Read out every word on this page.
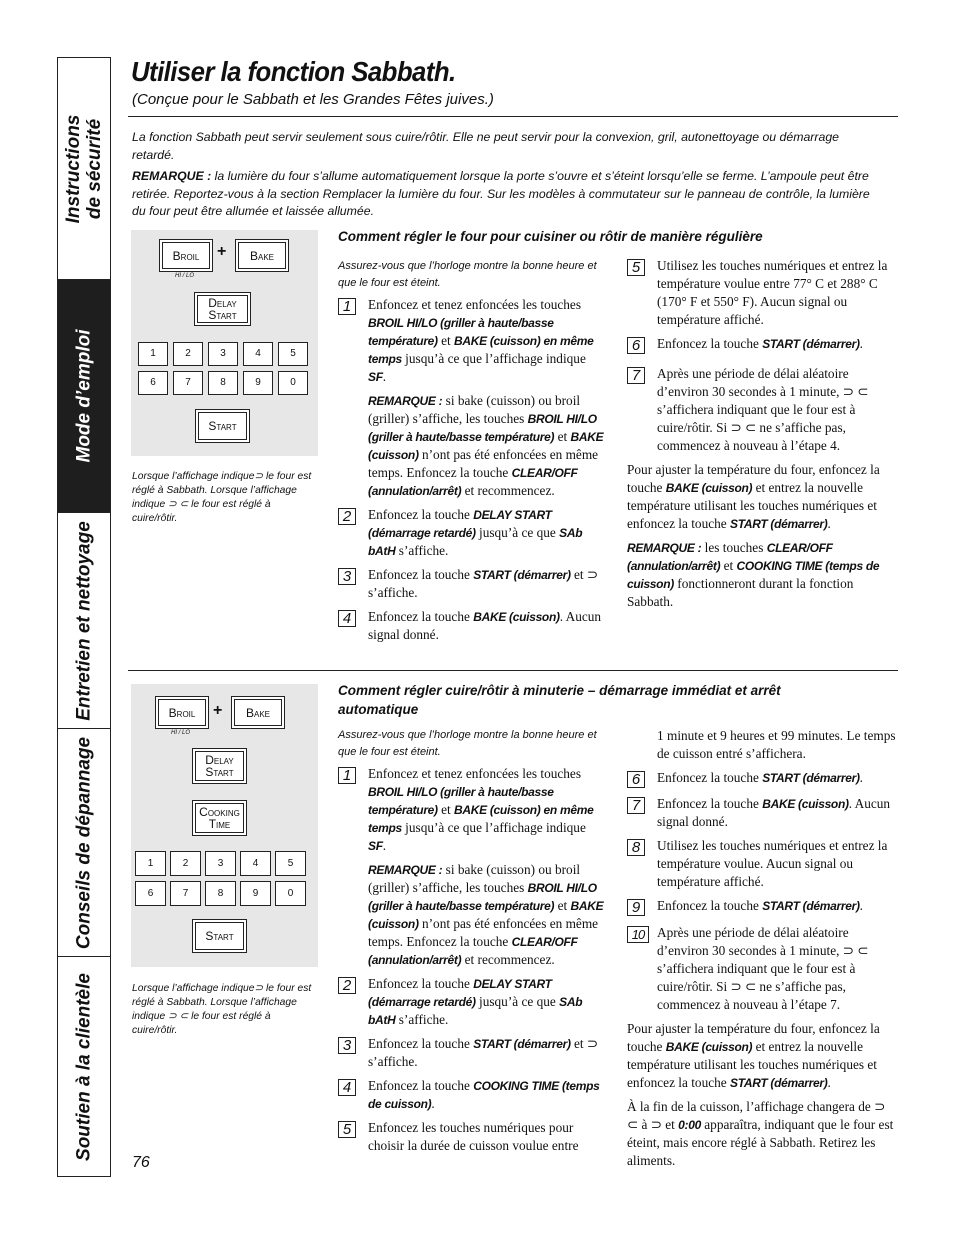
Instructions
de sécurité
Mode d’emploi
Entretien et nettoyage
Conseils de dépannage
Soutien à la clientèle
Utiliser la fonction Sabbath.
(Conçue pour le Sabbath et les Grandes Fêtes juives.)

La fonction Sabbath peut servir seulement sous cuire/rôtir. Elle ne peut servir pour la convexion, gril, autonettoyage ou démarrage retardé.

REMARQUE : la lumière du four s’allume automatiquement lorsque la porte s’ouvre et s’éteint lorsqu’elle se ferme. L’ampoule peut être retirée. Reportez-vous à la section Remplacer la lumière du four. Sur les modèles à commutateur sur le panneau de contrôle, la lumière du four peut être allumée et laissée allumée.

Broil + Bake
HI / LO
Delay
Start
1	2	3	4	5
6	7	8	9	0
Start
Lorsque l’affichage indique⊃ le four est réglé à Sabbath. Lorsque l’affichage indique ⊃ ⊂ le four est réglé à cuire/rôtir.
Comment régler le four pour cuisiner ou rôtir de manière régulière
Assurez-vous que l’horloge montre la bonne heure et que le four est éteint.
1	Enfoncez et tenez enfoncées les touches BROIL HI/LO (griller à haute/basse température) et BAKE (cuisson) en même temps jusqu’à ce que l’affichage indique SF.
REMARQUE : si bake (cuisson) ou broil (griller) s’affiche, les touches BROIL HI/LO (griller à haute/basse température) et BAKE (cuisson) n’ont pas été enfoncées en même temps. Enfoncez la touche CLEAR/OFF (annulation/arrêt) et recommencez.
2	Enfoncez la touche DELAY START (démarrage retardé) jusqu’à ce que SAb bAtH s’affiche.
3	Enfoncez la touche START (démarrer) et ⊃ s’affiche.
4	Enfoncez la touche BAKE (cuisson). Aucun signal donné.
5	Utilisez les touches numériques et entrez la température voulue entre 77° C et 288° C (170° F et 550° F). Aucun signal ou température affiché.
6	Enfoncez la touche START (démarrer).
7	Après une période de délai aléatoire d’environ 30 secondes à 1 minute, ⊃ ⊂ s’affichera indiquant que le four est à cuire/rôtir. Si ⊃ ⊂ ne s’affiche pas, commencez à nouveau à l’étape 4.
Pour ajuster la température du four, enfoncez la touche BAKE (cuisson) et entrez la nouvelle température utilisant les touches numériques et enfoncez la touche START (démarrer).
REMARQUE : les touches CLEAR/OFF (annulation/arrêt) et COOKING TIME (temps de cuisson) fonctionneront durant la fonction Sabbath.
Broil + Bake
HI / LO
Delay
Start
Cooking
Time
1	2	3	4	5
6	7	8	9	0
Start
Lorsque l’affichage indique⊃ le four est réglé à Sabbath. Lorsque l’affichage indique ⊃ ⊂ le four est réglé à cuire/rôtir.
Comment régler cuire/rôtir à minuterie – démarrage immédiat et arrêt automatique
Assurez-vous que l’horloge montre la bonne heure et que le four est éteint.
1	Enfoncez et tenez enfoncées les touches BROIL HI/LO (griller à haute/basse température) et BAKE (cuisson) en même temps jusqu’à ce que l’affichage indique SF.
REMARQUE : si bake (cuisson) ou broil (griller) s’affiche, les touches BROIL HI/LO (griller à haute/basse température) et BAKE (cuisson) n’ont pas été enfoncées en même temps. Enfoncez la touche CLEAR/OFF (annulation/arrêt) et recommencez.
2	Enfoncez la touche DELAY START (démarrage retardé) jusqu’à ce que SAb bAtH s’affiche.
3	Enfoncez la touche START (démarrer) et ⊃ s’affiche.
4	Enfoncez la touche COOKING TIME (temps de cuisson).
5	Enfoncez les touches numériques pour choisir la durée de cuisson voulue entre
1 minute et 9 heures et 99 minutes. Le temps de cuisson entré s’affichera.
6	Enfoncez la touche START (démarrer).
7	Enfoncez la touche BAKE (cuisson). Aucun signal donné.
8	Utilisez les touches numériques et entrez la température voulue. Aucun signal ou température affiché.
9	Enfoncez la touche START (démarrer).
10 Après une période de délai aléatoire d’environ 30 secondes à 1 minute, ⊃ ⊂ s’affichera indiquant que le four est à cuire/rôtir. Si ⊃ ⊂ ne s’affiche pas, commencez à nouveau à l’étape 7.
Pour ajuster la température du four, enfoncez la touche BAKE (cuisson) et entrez la nouvelle température utilisant les touches numériques et enfoncez la touche START (démarrer).
À la fin de la cuisson, l’affichage changera de ⊃ ⊂ à ⊃ et 0:00 apparaîtra, indiquant que le four est éteint, mais encore réglé à Sabbath. Retirez les aliments.
76
